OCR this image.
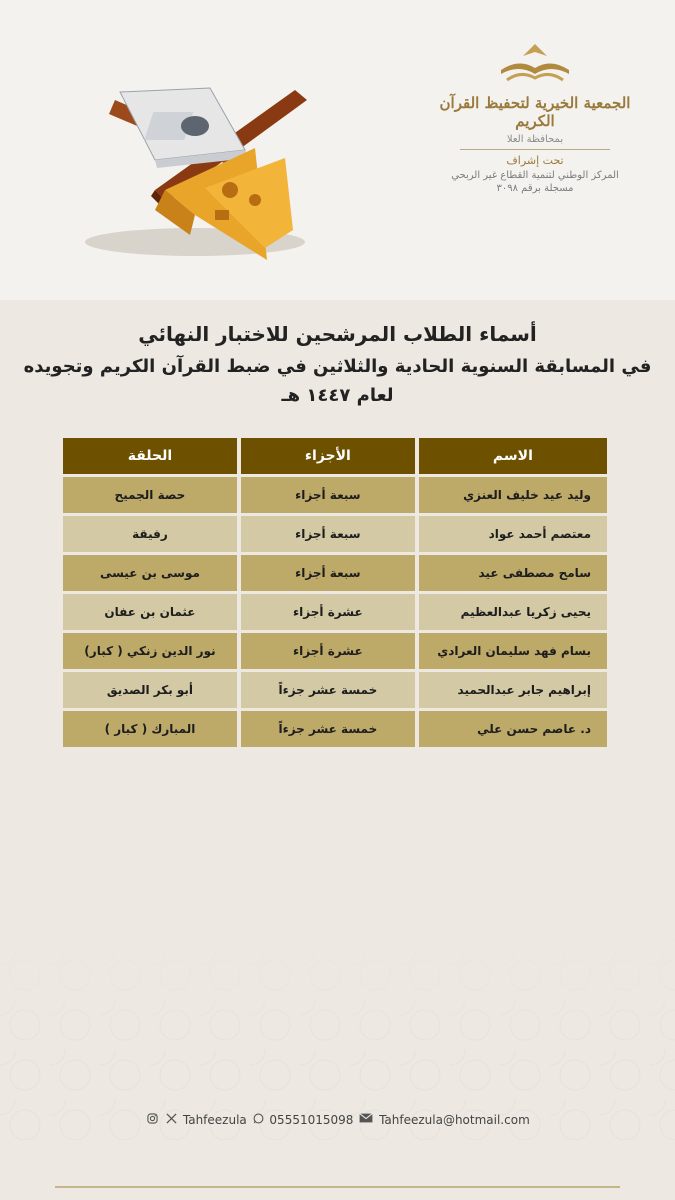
الجمعية الخيرية لتحفيظ القرآن الكريم
بمحافظة العلا
تحت إشراف
المركز الوطني لتنمية القطاع غير الربحي
مسجلة برقم ٣٠٩٨
أسماء الطلاب المرشحين للاختبار النهائي
في المسابقة السنوية الحادية والثلاثين في ضبط القرآن الكريم وتجويده
لعام ١٤٤٧ هـ
الاسم	الأجزاء	الحلقة
وليد عيد خليف العنزي	سبعة أجزاء	حصة الجميح
معتصم أحمد عواد	سبعة أجزاء	رفيقة
سامح مصطفى عيد	سبعة أجزاء	موسى بن عيسى
يحيى زكريا عبدالعظيم	عشرة أجزاء	عثمان بن عفان
بسام فهد سليمان العرادي	عشرة أجزاء	نور الدين زنكي ( كبار)
إبراهيم جابر عبدالحميد	خمسة عشر جزءاً	أبو بكر الصديق
د. عاصم حسن علي	خمسة عشر جزءاً	المبارك ( كبار )
Tahfeezula 05551015098 Tahfeezula@hotmail.com
